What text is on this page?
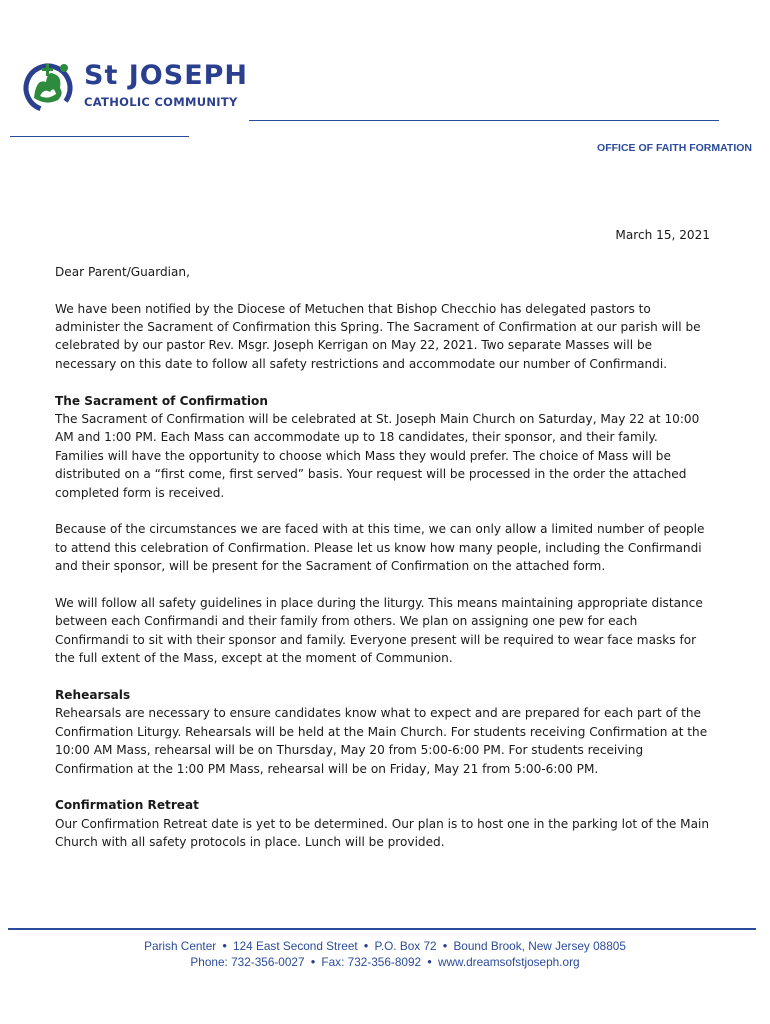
St JOSEPH
CATHOLIC COMMUNITY
OFFICE OF FAITH FORMATION
March 15, 2021

Dear Parent/Guardian,

We have been notified by the Diocese of Metuchen that Bishop Checchio has delegated pastors to administer the Sacrament of Confirmation this Spring. The Sacrament of Confirmation at our parish will be celebrated by our pastor Rev. Msgr. Joseph Kerrigan on May 22, 2021. Two separate Masses will be necessary on this date to follow all safety restrictions and accommodate our number of Confirmandi.

The Sacrament of Confirmation
The Sacrament of Confirmation will be celebrated at St. Joseph Main Church on Saturday, May 22 at 10:00 AM and 1:00 PM. Each Mass can accommodate up to 18 candidates, their sponsor, and their family. Families will have the opportunity to choose which Mass they would prefer. The choice of Mass will be distributed on a “first come, first served” basis. Your request will be processed in the order the attached completed form is received.

Because of the circumstances we are faced with at this time, we can only allow a limited number of people to attend this celebration of Confirmation. Please let us know how many people, including the Confirmandi and their sponsor, will be present for the Sacrament of Confirmation on the attached form.

We will follow all safety guidelines in place during the liturgy. This means maintaining appropriate distance between each Confirmandi and their family from others. We plan on assigning one pew for each Confirmandi to sit with their sponsor and family. Everyone present will be required to wear face masks for the full extent of the Mass, except at the moment of Communion.

Rehearsals
Rehearsals are necessary to ensure candidates know what to expect and are prepared for each part of the Confirmation Liturgy. Rehearsals will be held at the Main Church. For students receiving Confirmation at the 10:00 AM Mass, rehearsal will be on Thursday, May 20 from 5:00-6:00 PM. For students receiving Confirmation at the 1:00 PM Mass, rehearsal will be on Friday, May 21 from 5:00-6:00 PM.

Confirmation Retreat
Our Confirmation Retreat date is yet to be determined. Our plan is to host one in the parking lot of the Main Church with all safety protocols in place. Lunch will be provided.

Parish Center ● 124 East Second Street ● P.O. Box 72 ● Bound Brook, New Jersey 08805
Phone: 732-356-0027 ● Fax: 732-356-8092 ● www.dreamsofstjoseph.org
